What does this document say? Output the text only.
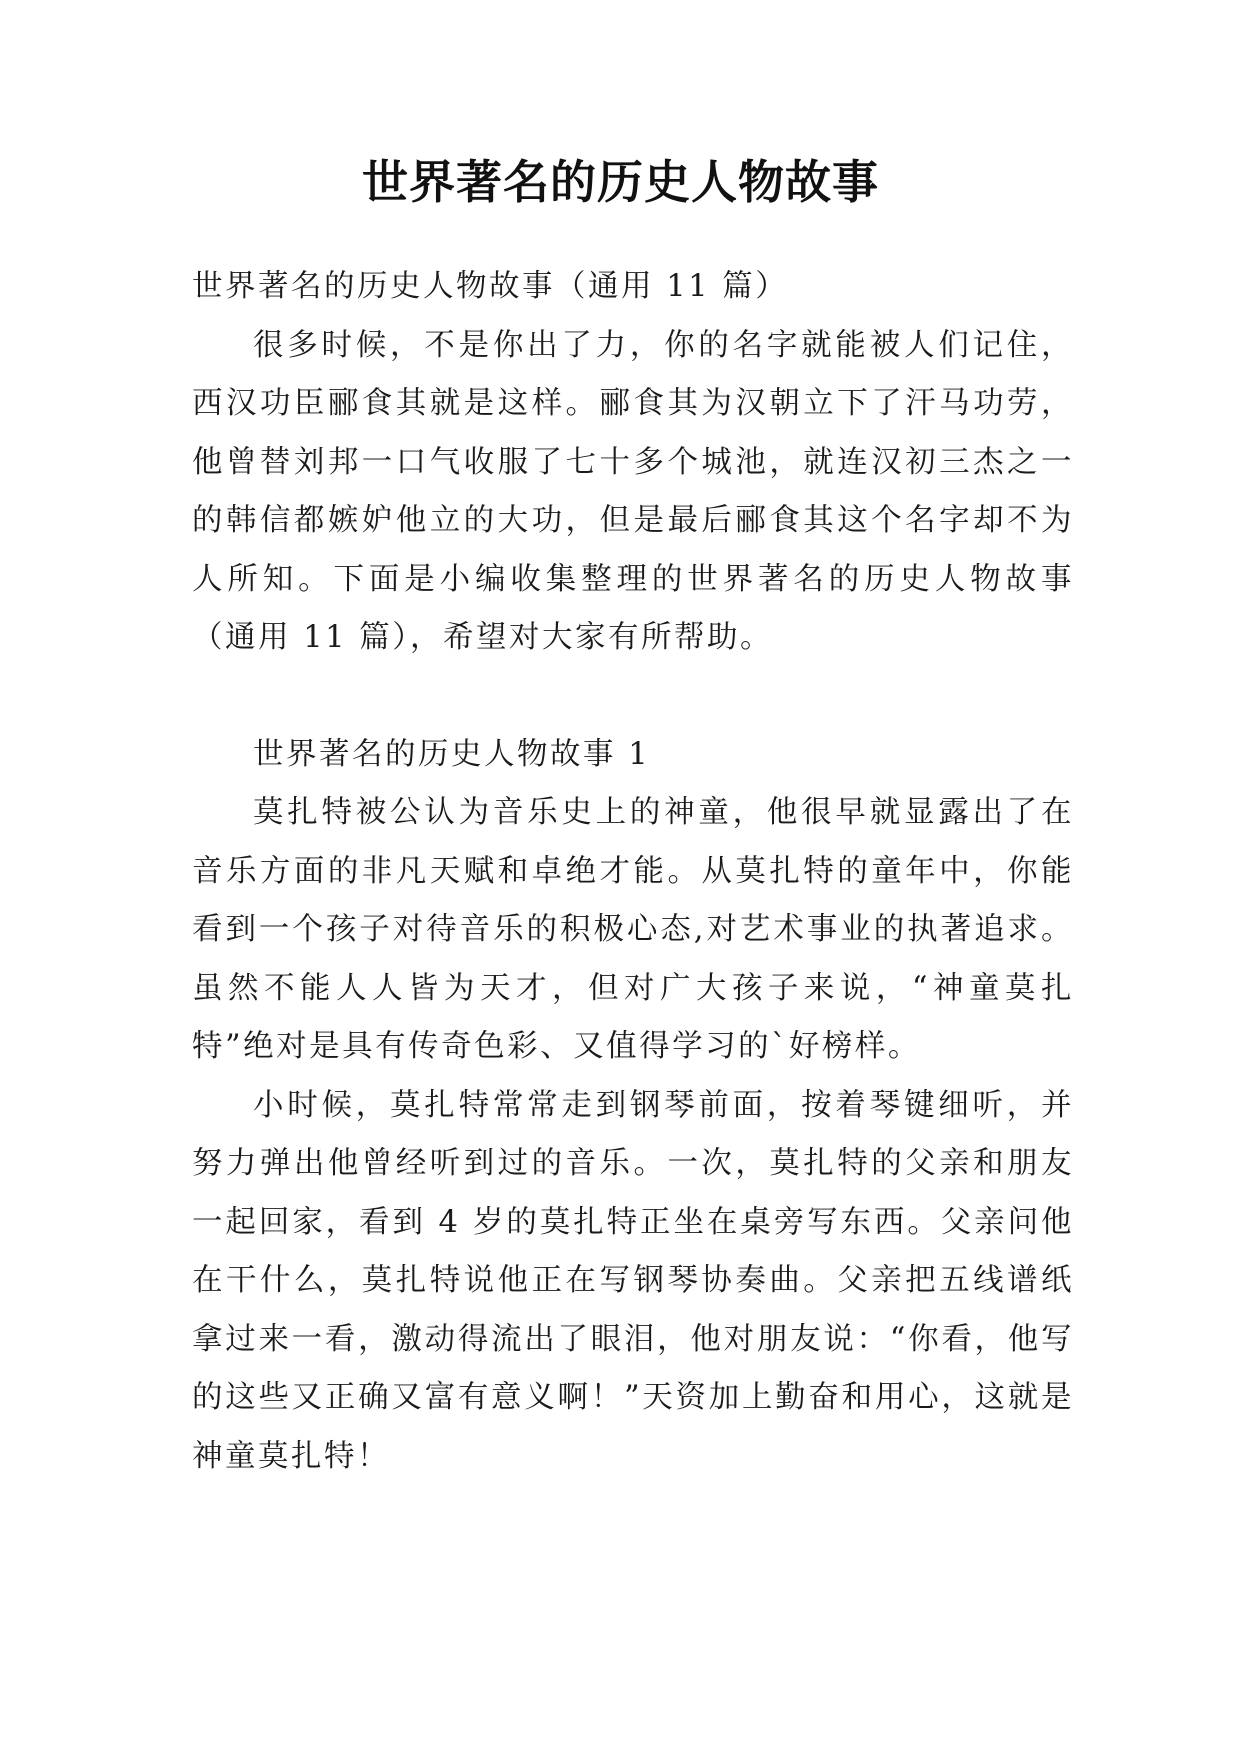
世界著名的历史人物故事

世界著名的历史人物故事（通用 11 篇）

很多时候，不是你出了力，你的名字就能被人们记住，西汉功臣郦食其就是这样。郦食其为汉朝立下了汗马功劳，他曾替刘邦一口气收服了七十多个城池，就连汉初三杰之一的韩信都嫉妒他立的大功，但是最后郦食其这个名字却不为人所知。下面是小编收集整理的世界著名的历史人物故事（通用 11 篇），希望对大家有所帮助。

世界著名的历史人物故事 1

莫扎特被公认为音乐史上的神童，他很早就显露出了在音乐方面的非凡天赋和卓绝才能。从莫扎特的童年中，你能看到一个孩子对待音乐的积极心态,对艺术事业的执著追求。虽然不能人人皆为天才，但对广大孩子来说，“神童莫扎特”绝对是具有传奇色彩、又值得学习的`好榜样。

小时候，莫扎特常常走到钢琴前面，按着琴键细听，并努力弹出他曾经听到过的音乐。一次，莫扎特的父亲和朋友一起回家，看到 4 岁的莫扎特正坐在桌旁写东西。父亲问他在干什么，莫扎特说他正在写钢琴协奏曲。父亲把五线谱纸拿过来一看，激动得流出了眼泪，他对朋友说：“你看，他写的这些又正确又富有意义啊！”天资加上勤奋和用心，这就是神童莫扎特！
